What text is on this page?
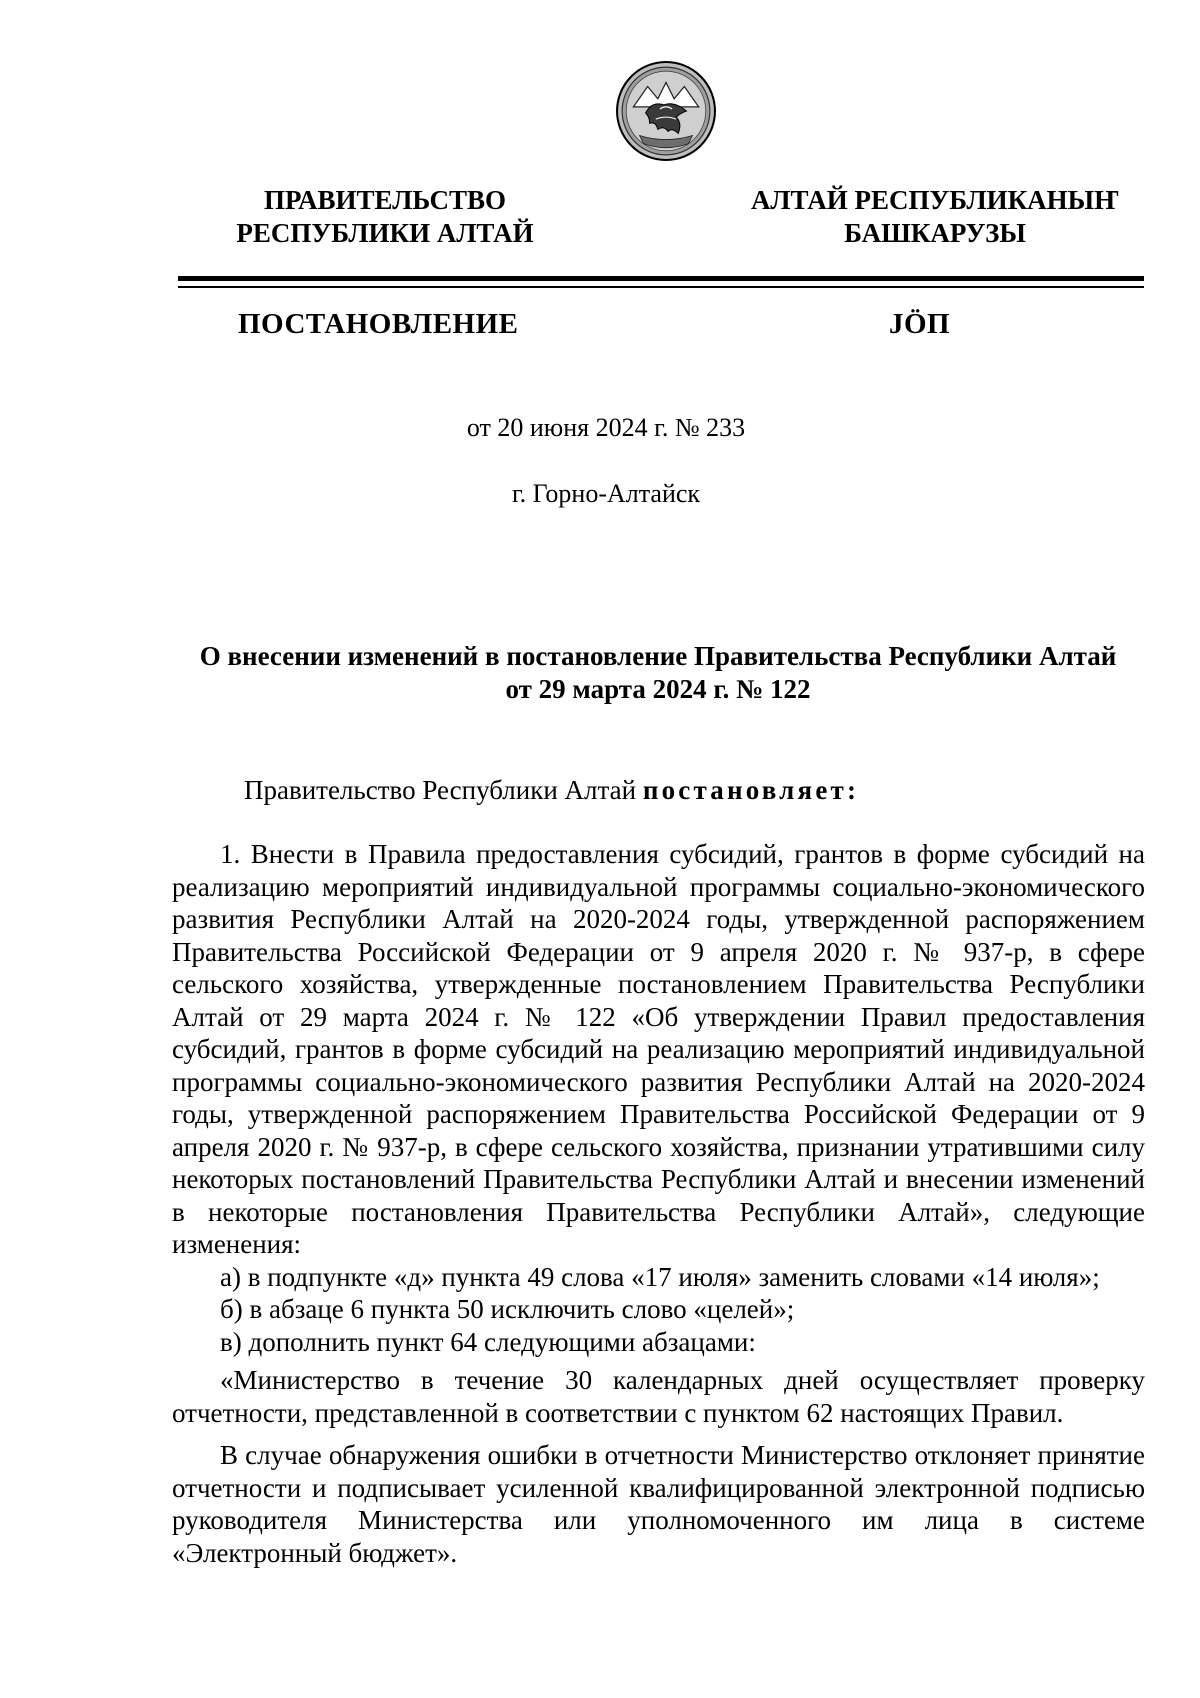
ПРАВИТЕЛЬСТВО
РЕСПУБЛИКИ АЛТАЙ
АЛТАЙ РЕСПУБЛИКАНЫҤ
БАШКАРУЗЫ
ПОСТАНОВЛЕНИЕ	JӦП
от 20 июня 2024 г. № 233
г. Горно-Алтайск
О внесении изменений в постановление Правительства Республики Алтай
от 29 марта 2024 г. № 122
Правительство Республики Алтай постановляет:

1. Внести в Правила предоставления субсидий, грантов в форме субсидий на реализацию мероприятий индивидуальной программы социально-экономического развития Республики Алтай на 2020-2024 годы, утвержденной распоряжением Правительства Российской Федерации от 9 апреля 2020 г. № 937-р, в сфере сельского хозяйства, утвержденные постановлением Правительства Республики Алтай от 29 марта 2024 г. № 122 «Об утверждении Правил предоставления субсидий, грантов в форме субсидий на реализацию мероприятий индивидуальной программы социально-экономического развития Республики Алтай на 2020-2024 годы, утвержденной распоряжением Правительства Российской Федерации от 9 апреля 2020 г. № 937-р, в сфере сельского хозяйства, признании утратившими силу некоторых постановлений Правительства Республики Алтай и внесении изменений в некоторые постановления Правительства Республики Алтай», следующие изменения:

а) в подпункте «д» пункта 49 слова «17 июля» заменить словами «14 июля»;

б) в абзаце 6 пункта 50 исключить слово «целей»;

в) дополнить пункт 64 следующими абзацами:

«Министерство в течение 30 календарных дней осуществляет проверку отчетности, представленной в соответствии с пунктом 62 настоящих Правил.

В случае обнаружения ошибки в отчетности Министерство отклоняет принятие отчетности и подписывает усиленной квалифицированной электронной подписью руководителя Министерства или уполномоченного им лица в системе «Электронный бюджет».
